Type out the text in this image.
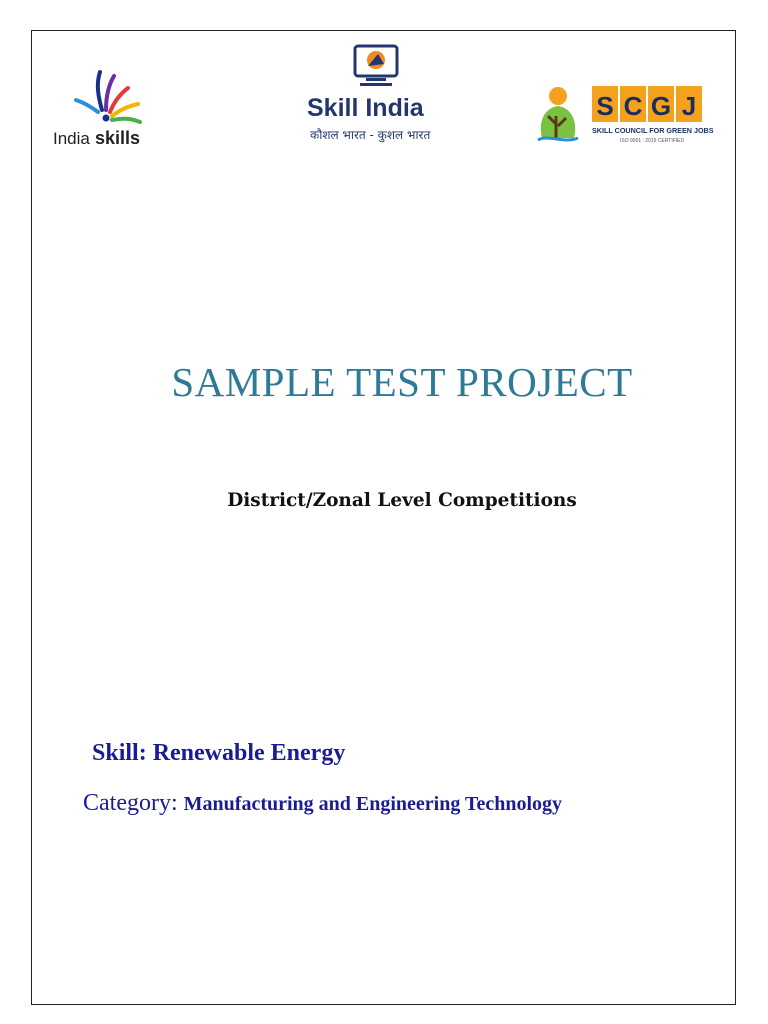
India skills
Skill India
कौशल भारत - कुशल भारत
S C G J
SKILL COUNCIL FOR GREEN JOBS
ISO 9001 : 2015 CERTIFIED
SAMPLE TEST PROJECT
District/Zonal Level Competitions
Skill: Renewable Energy
Category: Manufacturing and Engineering Technology
